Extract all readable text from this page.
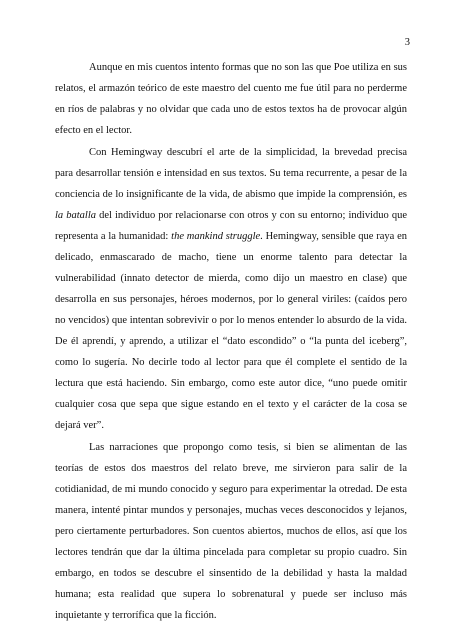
3

Aunque en mis cuentos intento formas que no son las que Poe utiliza en sus relatos, el armazón teórico de este maestro del cuento me fue útil para no perderme en ríos de palabras y no olvidar que cada uno de estos textos ha de provocar algún efecto en el lector.

Con Hemingway descubrí el arte de la simplicidad, la brevedad precisa para desarrollar tensión e intensidad en sus textos. Su tema recurrente, a pesar de la conciencia de lo insignificante de la vida, de abismo que impide la comprensión, es la batalla del individuo por relacionarse con otros y con su entorno; individuo que representa a la humanidad: the mankind struggle. Hemingway, sensible que raya en delicado, enmascarado de macho, tiene un enorme talento para detectar la vulnerabilidad (innato detector de mierda, como dijo un maestro en clase) que desarrolla en sus personajes, héroes modernos, por lo general viriles: (caídos pero no vencidos) que intentan sobrevivir o por lo menos entender lo absurdo de la vida. De él aprendí, y aprendo, a utilizar el “dato escondido” o “la punta del iceberg”, como lo sugería. No decirle todo al lector para que él complete el sentido de la lectura que está haciendo. Sin embargo, como este autor dice, “uno puede omitir cualquier cosa que sepa que sigue estando en el texto y el carácter de la cosa se dejará ver”.

Las narraciones que propongo como tesis, si bien se alimentan de las teorías de estos dos maestros del relato breve, me sirvieron para salir de la cotidianidad, de mi mundo conocido y seguro para experimentar la otredad. De esta manera, intenté pintar mundos y personajes, muchas veces desconocidos y lejanos, pero ciertamente perturbadores. Son cuentos abiertos, muchos de ellos, así que los lectores tendrán que dar la última pincelada para completar su propio cuadro. Sin embargo, en todos se descubre el sinsentido de la debilidad y hasta la maldad humana; esta realidad que supera lo sobrenatural y puede ser incluso más inquietante y terrorífica que la ficción.
